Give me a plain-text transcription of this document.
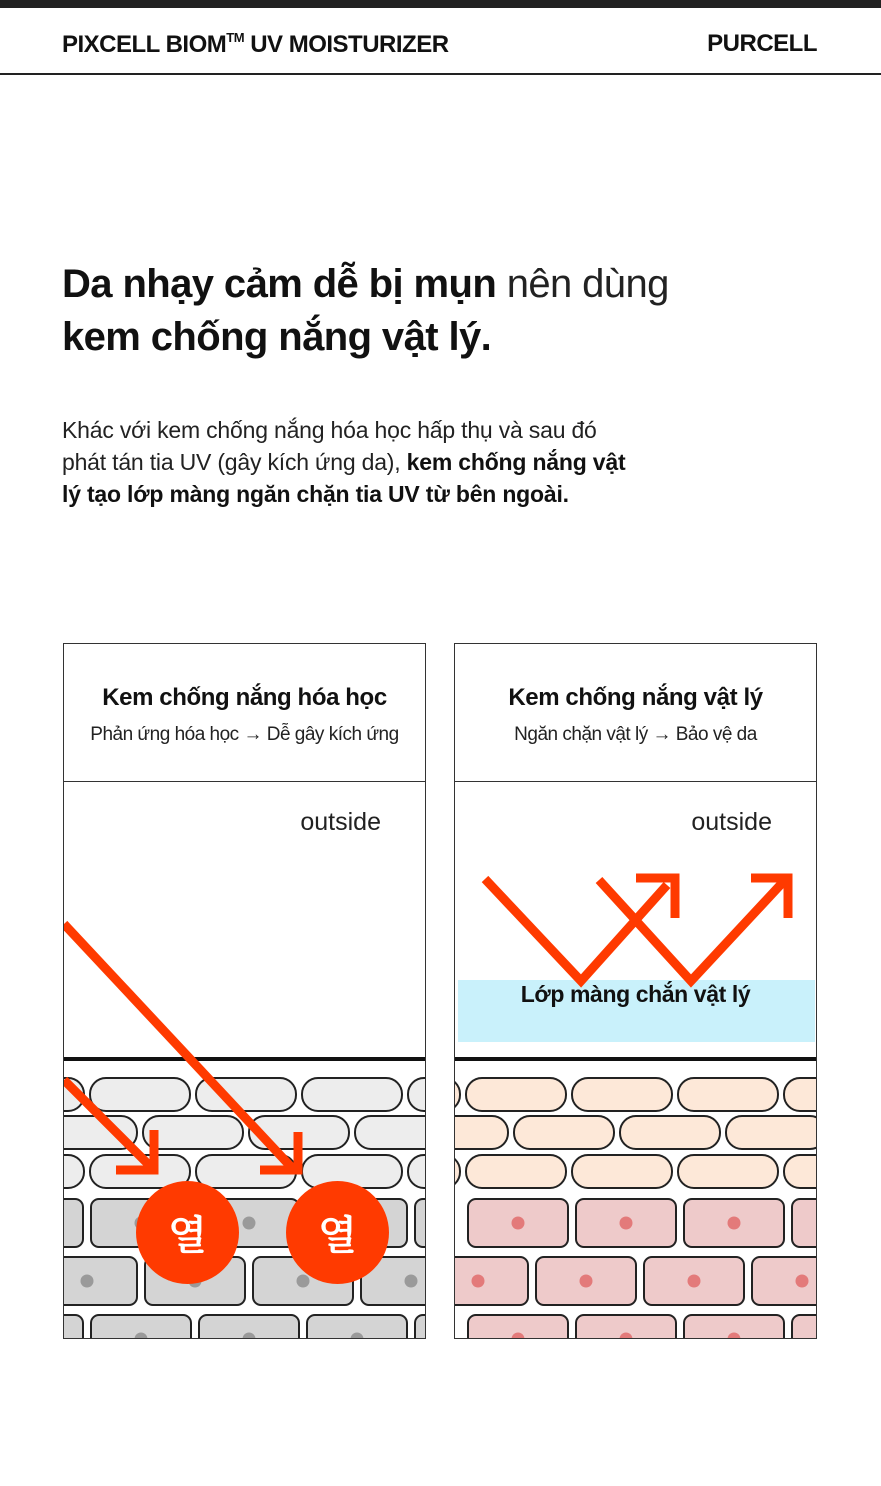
PIXCELL BIOM™ UV MOISTURIZER	PURCELL
Da nhạy cảm dễ bị mụn nên dùng
kem chống nắng vật lý.
Khác với kem chống nắng hóa học hấp thụ và sau đó phát tán tia UV (gây kích ứng da), kem chống nắng vật lý tạo lớp màng ngăn chặn tia UV từ bên ngoài.
Kem chống nắng hóa học
Phản ứng hóa học → Dễ gây kích ứng
outside
열	열
Kem chống nắng vật lý
Ngăn chặn vật lý → Bảo vệ da
outside
Lớp màng chắn vật lý
